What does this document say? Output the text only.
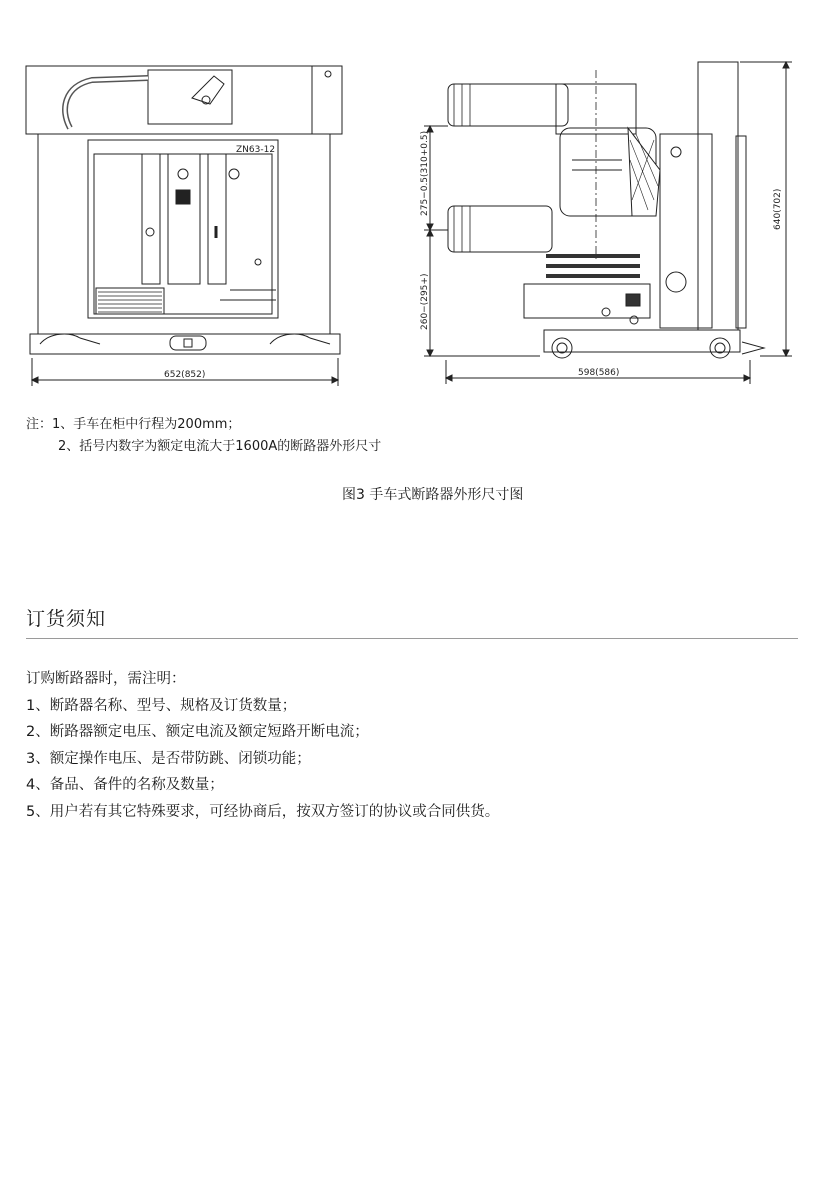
ZN63-12
652(852)	598(586)
640(702)
275−0.5(310+0.5)
260−(295+)
注：1、手车在柜中行程为200mm；
2、括号内数字为额定电流大于1600A的断路器外形尺寸
图3 手车式断路器外形尺寸图
订货须知

订购断路器时，需注明：

1、断路器名称、型号、规格及订货数量；

2、断路器额定电压、额定电流及额定短路开断电流；

3、额定操作电压、是否带防跳、闭锁功能；

4、备品、备件的名称及数量；

5、用户若有其它特殊要求，可经协商后，按双方签订的协议或合同供货。
